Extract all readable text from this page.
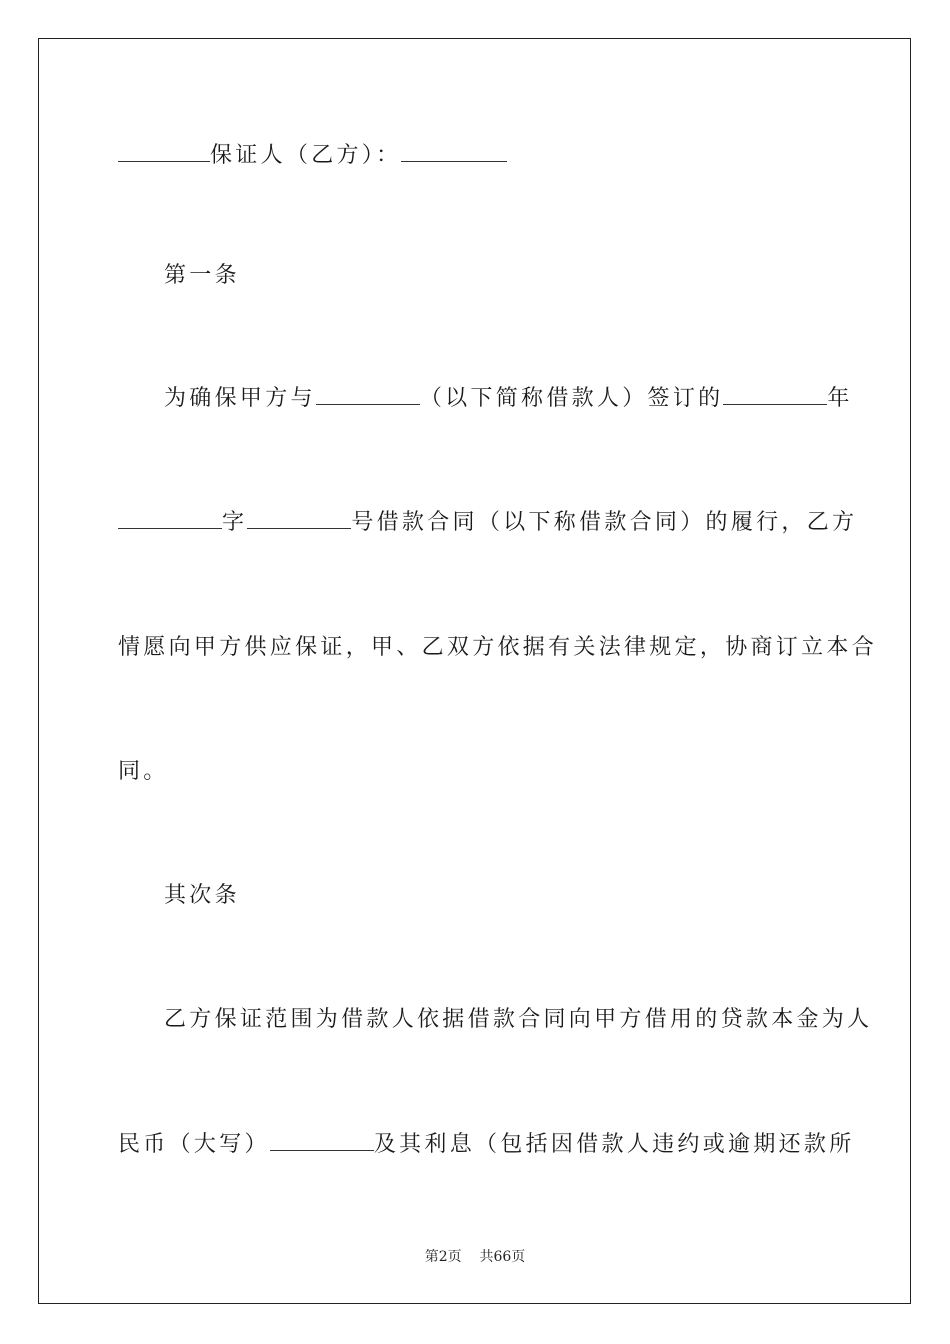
保证人（乙方）：
第一条
为确保甲方与	（以下简称借款人）签订的	年
字	号借款合同（以下称借款合同）的履行，乙方
情愿向甲方供应保证，甲、乙双方依据有关法律规定，协商订立本合
同。
其次条
乙方保证范围为借款人依据借款合同向甲方借用的贷款本金为人
民币（大写）	及其利息（包括因借款人违约或逾期还款所
第2页 共66页
